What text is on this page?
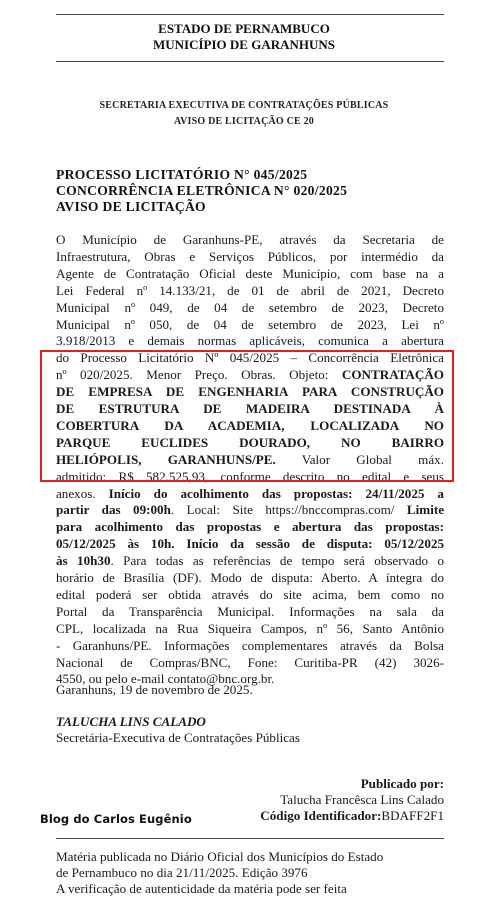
ESTADO DE PERNAMBUCO
MUNICÍPIO DE GARANHUNS
SECRETARIA EXECUTIVA DE CONTRATAÇÕES PÚBLICAS
AVISO DE LICITAÇÃO CE 20
PROCESSO LICITATÓRIO N° 045/2025
CONCORRÊNCIA ELETRÔNICA N° 020/2025
AVISO DE LICITAÇÃO
O Município de Garanhuns-PE, através da Secretaria de
Infraestrutura, Obras e Serviços Públicos, por intermédio da
Agente de Contratação Oficial deste Município, com base na a
Lei Federal nº 14.133/21, de 01 de abril de 2021, Decreto
Municipal nº 049, de 04 de setembro de 2023, Decreto
Municipal nº 050, de 04 de setembro de 2023, Lei nº
3.918/2013 e demais normas aplicáveis, comunica a abertura
do Processo Licitatório Nº 045/2025 – Concorrência Eletrônica
nº 020/2025. Menor Preço. Obras. Objeto: CONTRATAÇÃO
DE EMPRESA DE ENGENHARIA PARA CONSTRUÇÃO
DE ESTRUTURA DE MADEIRA DESTINADA À
COBERTURA DA ACADEMIA, LOCALIZADA NO
PARQUE EUCLIDES DOURADO, NO BAIRRO
HELIÓPOLIS, GARANHUNS/PE. Valor Global máx.
admitido: R$ 582.525,93, conforme descrito no edital e seus
anexos. Início do acolhimento das propostas: 24/11/2025 a
partir das 09:00h. Local: Site https://bnccompras.com/ Limite
para acolhimento das propostas e abertura das propostas:
05/12/2025 às 10h. Início da sessão de disputa: 05/12/2025
às 10h30. Para todas as referências de tempo será observado o
horário de Brasília (DF). Modo de disputa: Aberto. A íntegra do
edital poderá ser obtida através do site acima, bem como no
Portal da Transparência Municipal. Informações na sala da
CPL, localizada na Rua Siqueira Campos, nº 56, Santo Antônio
- Garanhuns/PE. Informações complementares através da Bolsa
Nacional de Compras/BNC, Fone: Curitiba-PR (42) 3026-
4550, ou pelo e-mail contato@bnc.org.br.
Garanhuns, 19 de novembro de 2025.
TALUCHA LINS CALADO
Secretária-Executiva de Contratações Públicas
Publicado por:
Talucha Francêsca Lins Calado
Código Identificador:BDAFF2F1
Blog do Carlos Eugênio
Matéria publicada no Diário Oficial dos Municípios do Estado
de Pernambuco no dia 21/11/2025. Edição 3976
A verificação de autenticidade da matéria pode ser feita
